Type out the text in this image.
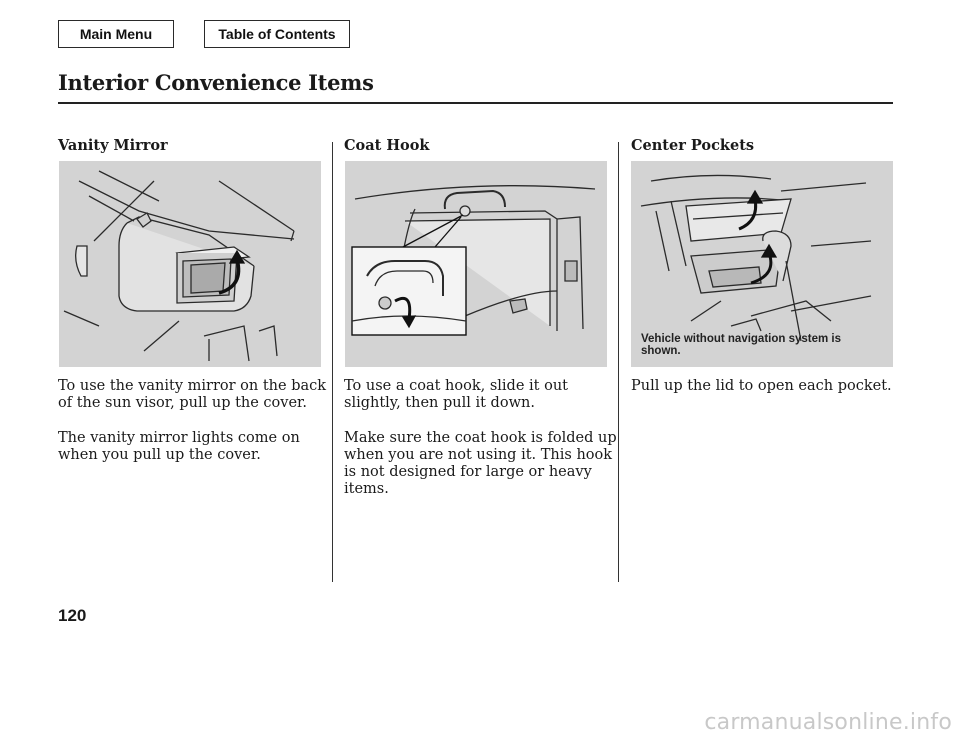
Main Menu	Table of Contents
Interior Convenience Items
Vanity Mirror	Coat Hook	Center Pockets
Vehicle without navigation system is shown.

To use the vanity mirror on the back of the sun visor, pull up the cover.

The vanity mirror lights come on when you pull up the cover.

To use a coat hook, slide it out slightly, then pull it down.

Make sure the coat hook is folded up when you are not using it. This hook is not designed for large or heavy items.

Pull up the lid to open each pocket.

120
carmanualsonline.info
